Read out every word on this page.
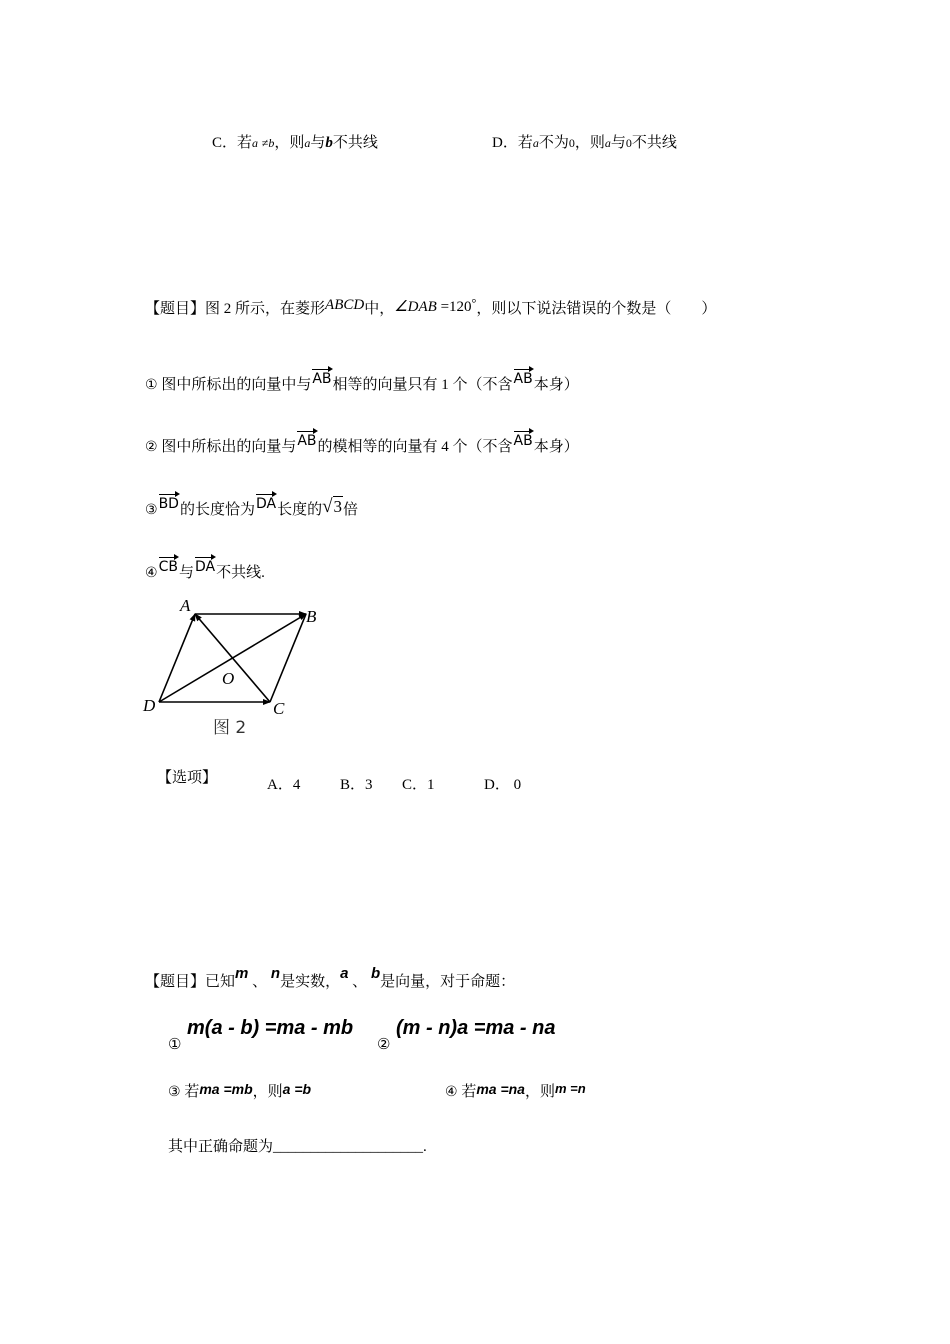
C．若a ≠b，则a与b不共线	D．若a不为0，则a与0不共线
【题目】图 2 所示，在菱形ABCD中，∠DAB =120°，则以下说法错误的个数是（　　）
① 图中所标出的向量中与AB相等的向量只有 1 个（不含AB本身）
② 图中所标出的向量与AB的模相等的向量有 4 个（不含AB本身）
③BD的长度恰为DA长度的√3倍
④CB与DA不共线.
A
B
C
D
O
图 2
【选项】	A．4	B．3 C．1	D． 0
【题目】已知m 、 n是实数，a 、 b是向量，对于命题：
①
m(a - b) =ma - mb
②
(m - n)a =ma - na
③ 若ma =mb，则a =b	④ 若ma =na，则m =n
其中正确命题为____________________.
